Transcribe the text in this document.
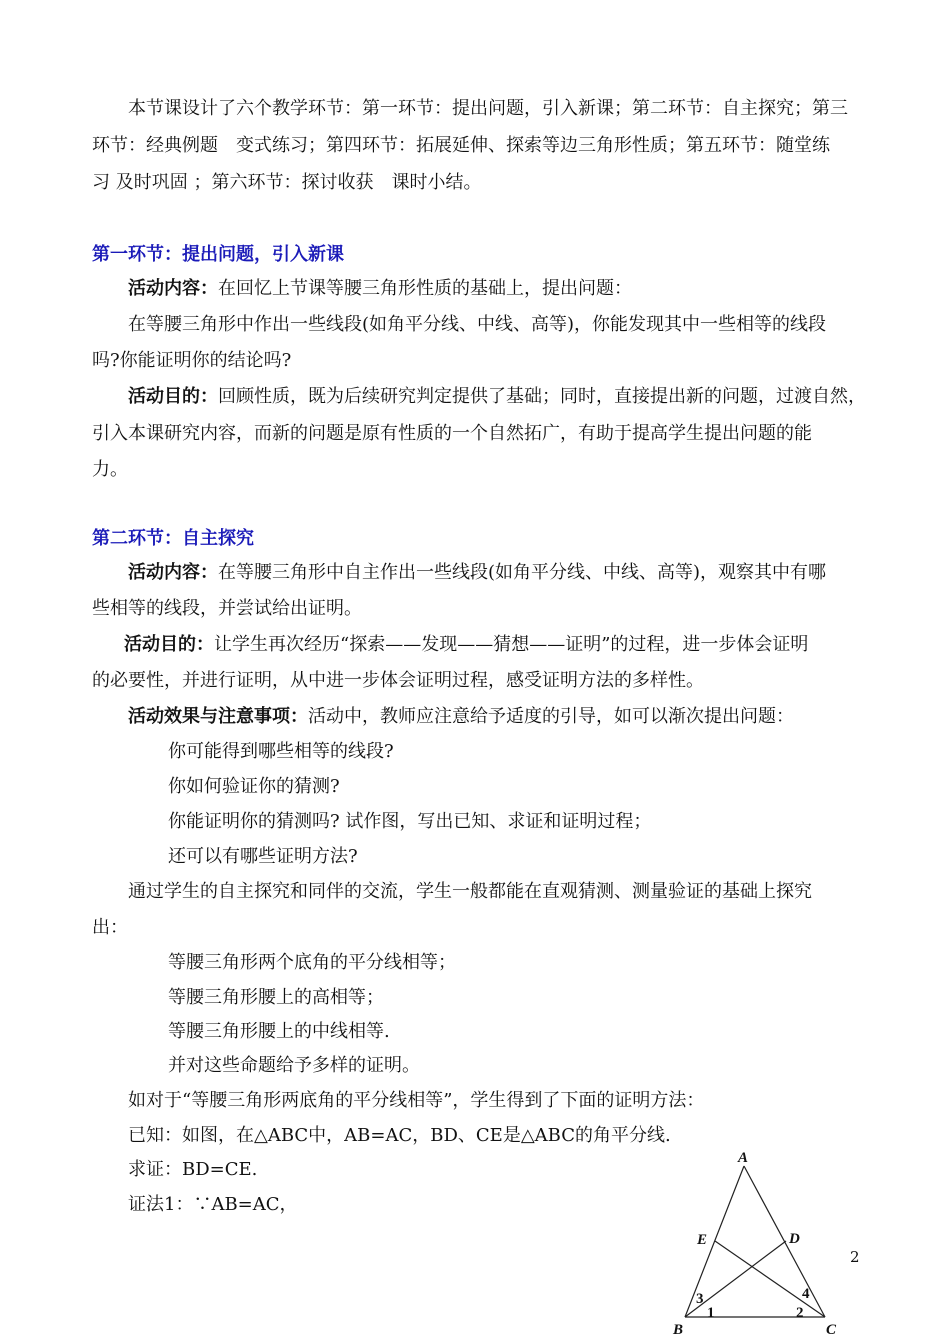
本节课设计了六个教学环节：第一环节：提出问题，引入新课；第二环节：自主探究；第三
环节：经典例题　变式练习；第四环节：拓展延伸、探索等边三角形性质；第五环节：随堂练
习 及时巩固 ；第六环节：探讨收获　课时小结。
第一环节：提出问题，引入新课
活动内容：在回忆上节课等腰三角形性质的基础上，提出问题：
在等腰三角形中作出一些线段(如角平分线、中线、高等)，你能发现其中一些相等的线段
吗?你能证明你的结论吗?
活动目的：回顾性质，既为后续研究判定提供了基础；同时，直接提出新的问题，过渡自然，
引入本课研究内容，而新的问题是原有性质的一个自然拓广，有助于提高学生提出问题的能
力。
第二环节：自主探究
活动内容：在等腰三角形中自主作出一些线段(如角平分线、中线、高等)，观察其中有哪
些相等的线段，并尝试给出证明。
活动目的：让学生再次经历“探索——发现——猜想——证明”的过程，进一步体会证明
的必要性，并进行证明，从中进一步体会证明过程，感受证明方法的多样性。
活动效果与注意事项：活动中，教师应注意给予适度的引导，如可以渐次提出问题：
你可能得到哪些相等的线段?
你如何验证你的猜测?
你能证明你的猜测吗? 试作图，写出已知、求证和证明过程；
还可以有哪些证明方法?
通过学生的自主探究和同伴的交流，学生一般都能在直观猜测、测量验证的基础上探究
出：
等腰三角形两个底角的平分线相等；
等腰三角形腰上的高相等；
等腰三角形腰上的中线相等.
并对这些命题给予多样的证明。
如对于“等腰三角形两底角的平分线相等”，学生得到了下面的证明方法：
已知：如图，在△ABC中，AB=AC，BD、CE是△ABC的角平分线.
求证：BD=CE.
证法1：∵AB=AC，
A
B	C
D
E
1	2
3	4
2
